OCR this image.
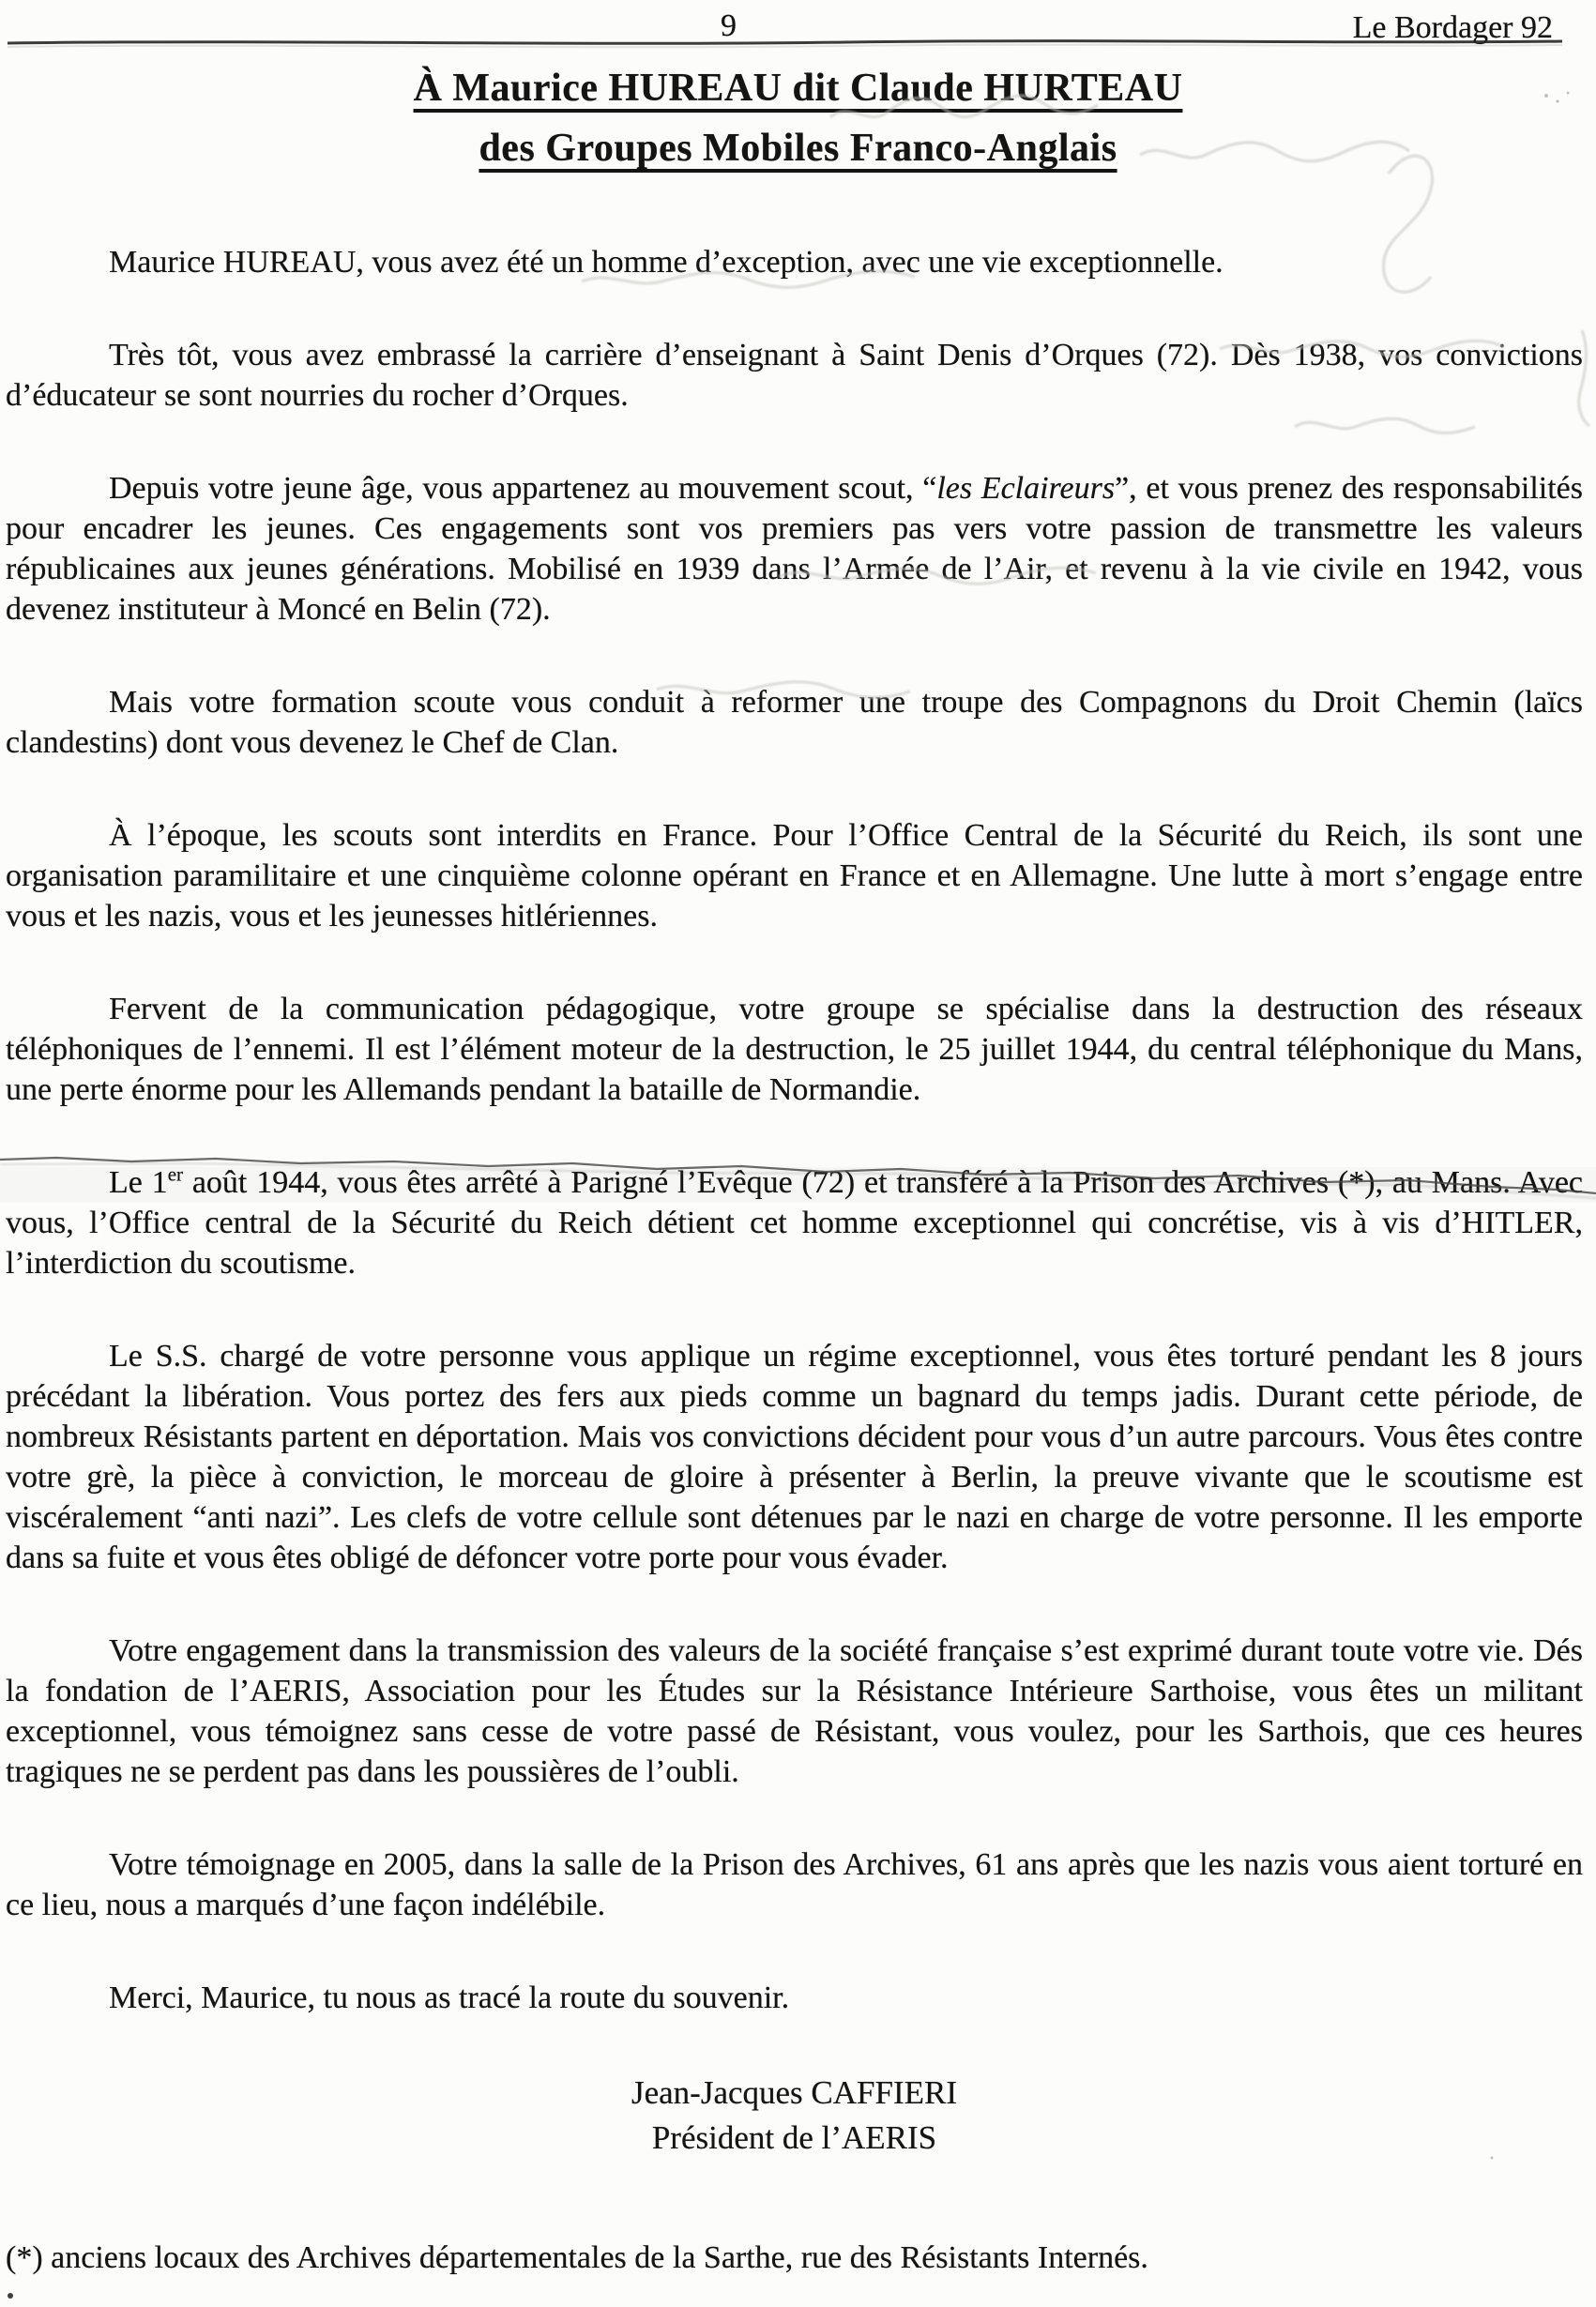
9	Le Bordager 92
À Maurice HUREAU dit Claude HURTEAU
des Groupes Mobiles Franco-Anglais

Maurice HUREAU, vous avez été un homme d’exception, avec une vie exceptionnelle.

Très tôt, vous avez embrassé la carrière d’enseignant à Saint Denis d’Orques (72). Dès 1938, vos convictions d’éducateur se sont nourries du rocher d’Orques.

Depuis votre jeune âge, vous appartenez au mouvement scout, “les Eclaireurs”, et vous prenez des responsabilités pour encadrer les jeunes. Ces engagements sont vos premiers pas vers votre passion de transmettre les valeurs républicaines aux jeunes générations. Mobilisé en 1939 dans l’Armée de l’Air, et revenu à la vie civile en 1942, vous devenez instituteur à Moncé en Belin (72).

Mais votre formation scoute vous conduit à reformer une troupe des Compagnons du Droit Chemin (laïcs clandestins) dont vous devenez le Chef de Clan.

À l’époque, les scouts sont interdits en France. Pour l’Office Central de la Sécurité du Reich, ils sont une organisation paramilitaire et une cinquième colonne opérant en France et en Allemagne. Une lutte à mort s’engage entre vous et les nazis, vous et les jeunesses hitlériennes.

Fervent de la communication pédagogique, votre groupe se spécialise dans la destruction des réseaux téléphoniques de l’ennemi. Il est l’élément moteur de la destruction, le 25 juillet 1944, du central téléphonique du Mans, une perte énorme pour les Allemands pendant la bataille de Normandie.

Le 1er août 1944, vous êtes arrêté à Parigné l’Evêque (72) et transféré à la Prison des Archives (*), au Mans. Avec vous, l’Office central de la Sécurité du Reich détient cet homme exceptionnel qui concrétise, vis à vis d’HITLER, l’interdiction du scoutisme.

Le S.S. chargé de votre personne vous applique un régime exceptionnel, vous êtes torturé pendant les 8 jours précédant la libération. Vous portez des fers aux pieds comme un bagnard du temps jadis. Durant cette période, de nombreux Résistants partent en déportation. Mais vos convictions décident pour vous d’un autre parcours. Vous êtes contre votre grè, la pièce à conviction, le morceau de gloire à présenter à Berlin, la preuve vivante que le scoutisme est viscéralement “anti nazi”. Les clefs de votre cellule sont détenues par le nazi en charge de votre personne. Il les emporte dans sa fuite et vous êtes obligé de défoncer votre porte pour vous évader.

Votre engagement dans la transmission des valeurs de la société française s’est exprimé durant toute votre vie. Dés la fondation de l’AERIS, Association pour les Études sur la Résistance Intérieure Sarthoise, vous êtes un militant exceptionnel, vous témoignez sans cesse de votre passé de Résistant, vous voulez, pour les Sarthois, que ces heures tragiques ne se perdent pas dans les poussières de l’oubli.

Votre témoignage en 2005, dans la salle de la Prison des Archives, 61 ans après que les nazis vous aient torturé en ce lieu, nous a marqués d’une façon indélébile.

Merci, Maurice, tu nous as tracé la route du souvenir.

Jean-Jacques CAFFIERI
Président de l’AERIS
(*) anciens locaux des Archives départementales de la Sarthe, rue des Résistants Internés.
